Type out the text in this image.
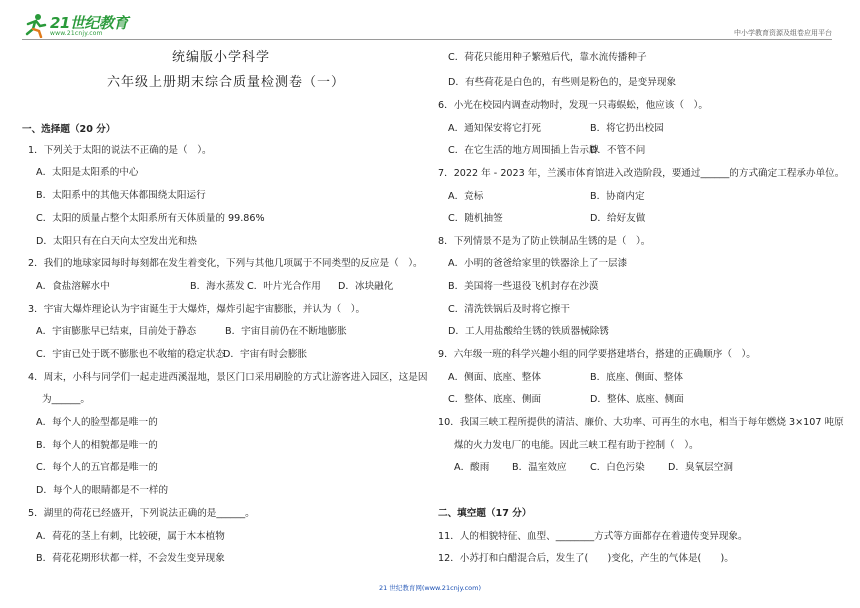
21世纪教育
www.21cnjy.com	中小学教育资源及组卷应用平台
统编版小学科学
六年级上册期末综合质量检测卷（一）
一、选择题（20 分）
1．下列关于太阳的说法不正确的是（　）。
A．太阳是太阳系的中心
B．太阳系中的其他天体都围绕太阳运行
C．太阳的质量占整个太阳系所有天体质量的 99.86%
D．太阳只有在白天向太空发出光和热
2．我们的地球家园每时每刻都在发生着变化，下列与其他几项属于不同类型的反应是（　）。
A．食盐溶解水中	B．海水蒸发 C．叶片光合作用 D．冰块融化
3．宇宙大爆炸理论认为宇宙诞生于大爆炸，爆炸引起宇宙膨胀，并认为（　）。
A．宇宙膨胀早已结束，目前处于静态	B．宇宙目前仍在不断地膨胀
C．宇宙已处于既不膨胀也不收缩的稳定状态
D．宇宙有时会膨胀
4．周末，小科与同学们一起走进西溪湿地，景区门口采用刷脸的方式让游客进入园区，这是因
为______。
A．每个人的脸型都是唯一的
B．每个人的相貌都是唯一的
C．每个人的五官都是唯一的
D．每个人的眼睛都是不一样的
5．湖里的荷花已经盛开，下列说法正确的是______。
A．荷花的茎上有刺，比较硬，属于木本植物
B．荷花花期形状都一样，不会发生变异现象
C．荷花只能用种子繁殖后代，靠水流传播种子
D．有些荷花是白色的，有些则是粉色的，是变异现象
6．小光在校园内调查动物时，发现一只毒蜈蚣，他应该（　）。
A．通知保安将它打死	B．将它扔出校园
C．在它生活的地方周围插上告示牌
D．不管不问
7．2022 年 - 2023 年，兰溪市体育馆进入改造阶段，要通过______的方式确定工程承办单位。
A．竞标	B．协商内定
C．随机抽签	D．给好友做
8．下列情景不是为了防止铁制品生锈的是（　）。
A．小明的爸爸给家里的铁器涂上了一层漆
B．美国将一些退役飞机封存在沙漠
C．清洗铁锅后及时将它擦干
D．工人用盐酸给生锈的铁质器械除锈
9．六年级一班的科学兴趣小组的同学要搭建塔台，搭建的正确顺序（　）。
A．侧面、底座、整体	B．底座、侧面、整体
C．整体、底座、侧面	D．整体、底座、侧面
10．我国三峡工程所提供的清洁、廉价、大功率、可再生的水电，相当于每年燃烧 3×107 吨原
煤的火力发电厂的电能。因此三峡工程有助于控制（　）。
A．酸雨 B．温室效应 C．白色污染 D．臭氧层空洞
二、填空题（17 分）
11．人的相貌特征、血型、________方式等方面都存在着遗传变异现象。
12．小苏打和白醋混合后，发生了(　　)变化，产生的气体是(　　)。
21 世纪教育网(www.21cnjy.com)
